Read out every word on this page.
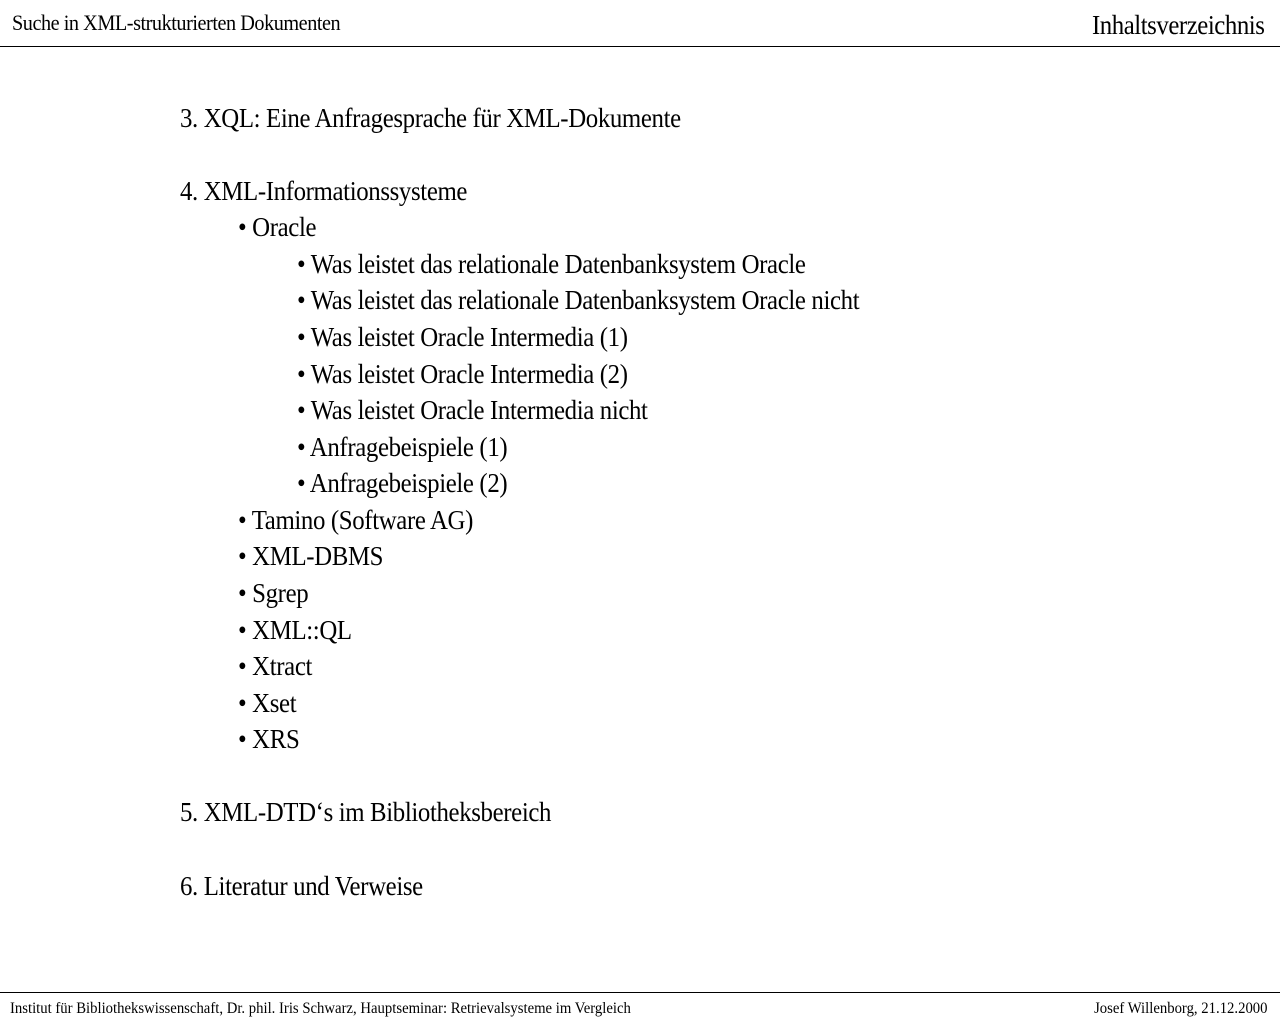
Suche in XML-strukturierten Dokumenten	Inhaltsverzeichnis
3. XQL: Eine Anfragesprache für XML-Dokumente
4. XML-Informationssysteme
• Oracle
• Was leistet das relationale Datenbanksystem Oracle
• Was leistet das relationale Datenbanksystem Oracle nicht
• Was leistet Oracle Intermedia (1)
• Was leistet Oracle Intermedia (2)
• Was leistet Oracle Intermedia nicht
• Anfragebeispiele (1)
• Anfragebeispiele (2)
• Tamino (Software AG)
• XML-DBMS
• Sgrep
• XML::QL
• Xtract
• Xset
• XRS
5. XML-DTD‘s im Bibliotheksbereich
6. Literatur und Verweise
Institut für Bibliothekswissenschaft, Dr. phil. Iris Schwarz, Hauptseminar: Retrievalsysteme im Vergleich	Josef Willenborg, 21.12.2000
